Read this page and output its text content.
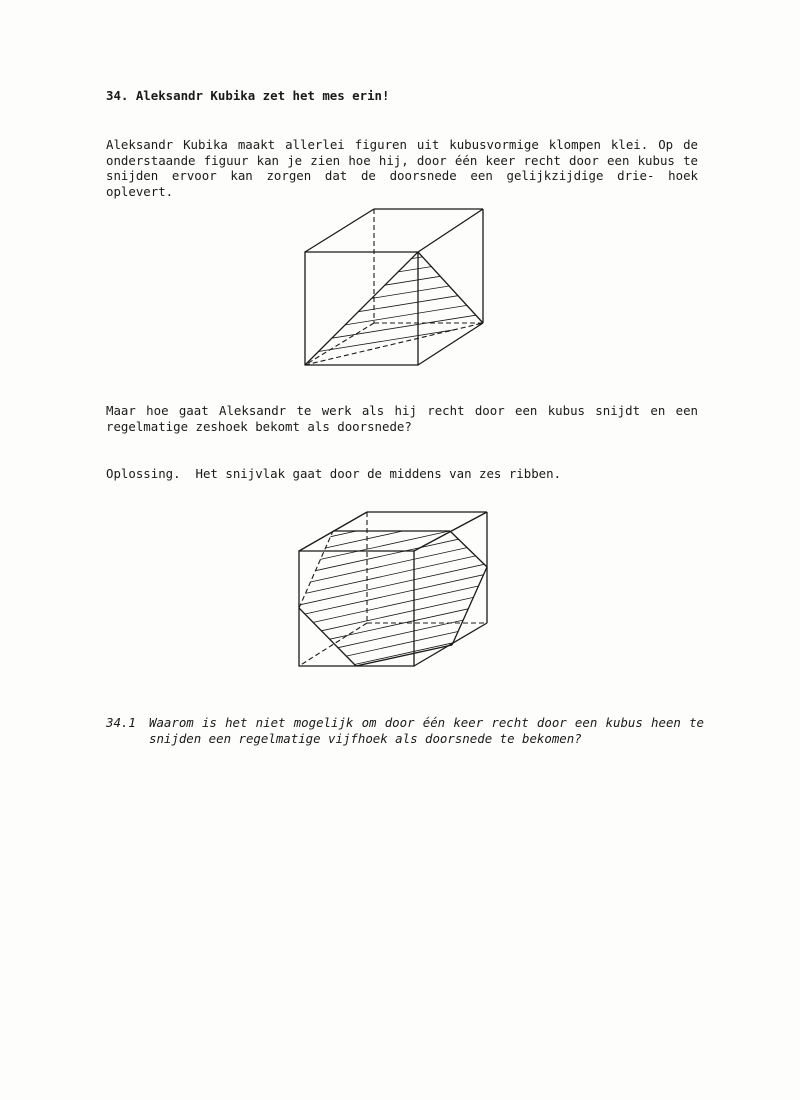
34. Aleksandr Kubika zet het mes erin!

Aleksandr Kubika maakt allerlei figuren uit kubusvormige klompen klei. Op de onderstaande figuur kan je zien hoe hij, door één keer recht door een kubus te snijden ervoor kan zorgen dat de doorsnede een gelijkzijdige drie- hoek oplevert.

Maar hoe gaat Aleksandr te werk als hij recht door een kubus snijdt en een regelmatige zeshoek bekomt als doorsnede?

Oplossing.  Het snijvlak gaat door de middens van zes ribben.

34.1

Waarom is het niet mogelijk om door één keer recht door een kubus heen te snijden een regelmatige vijfhoek als doorsnede te bekomen?
